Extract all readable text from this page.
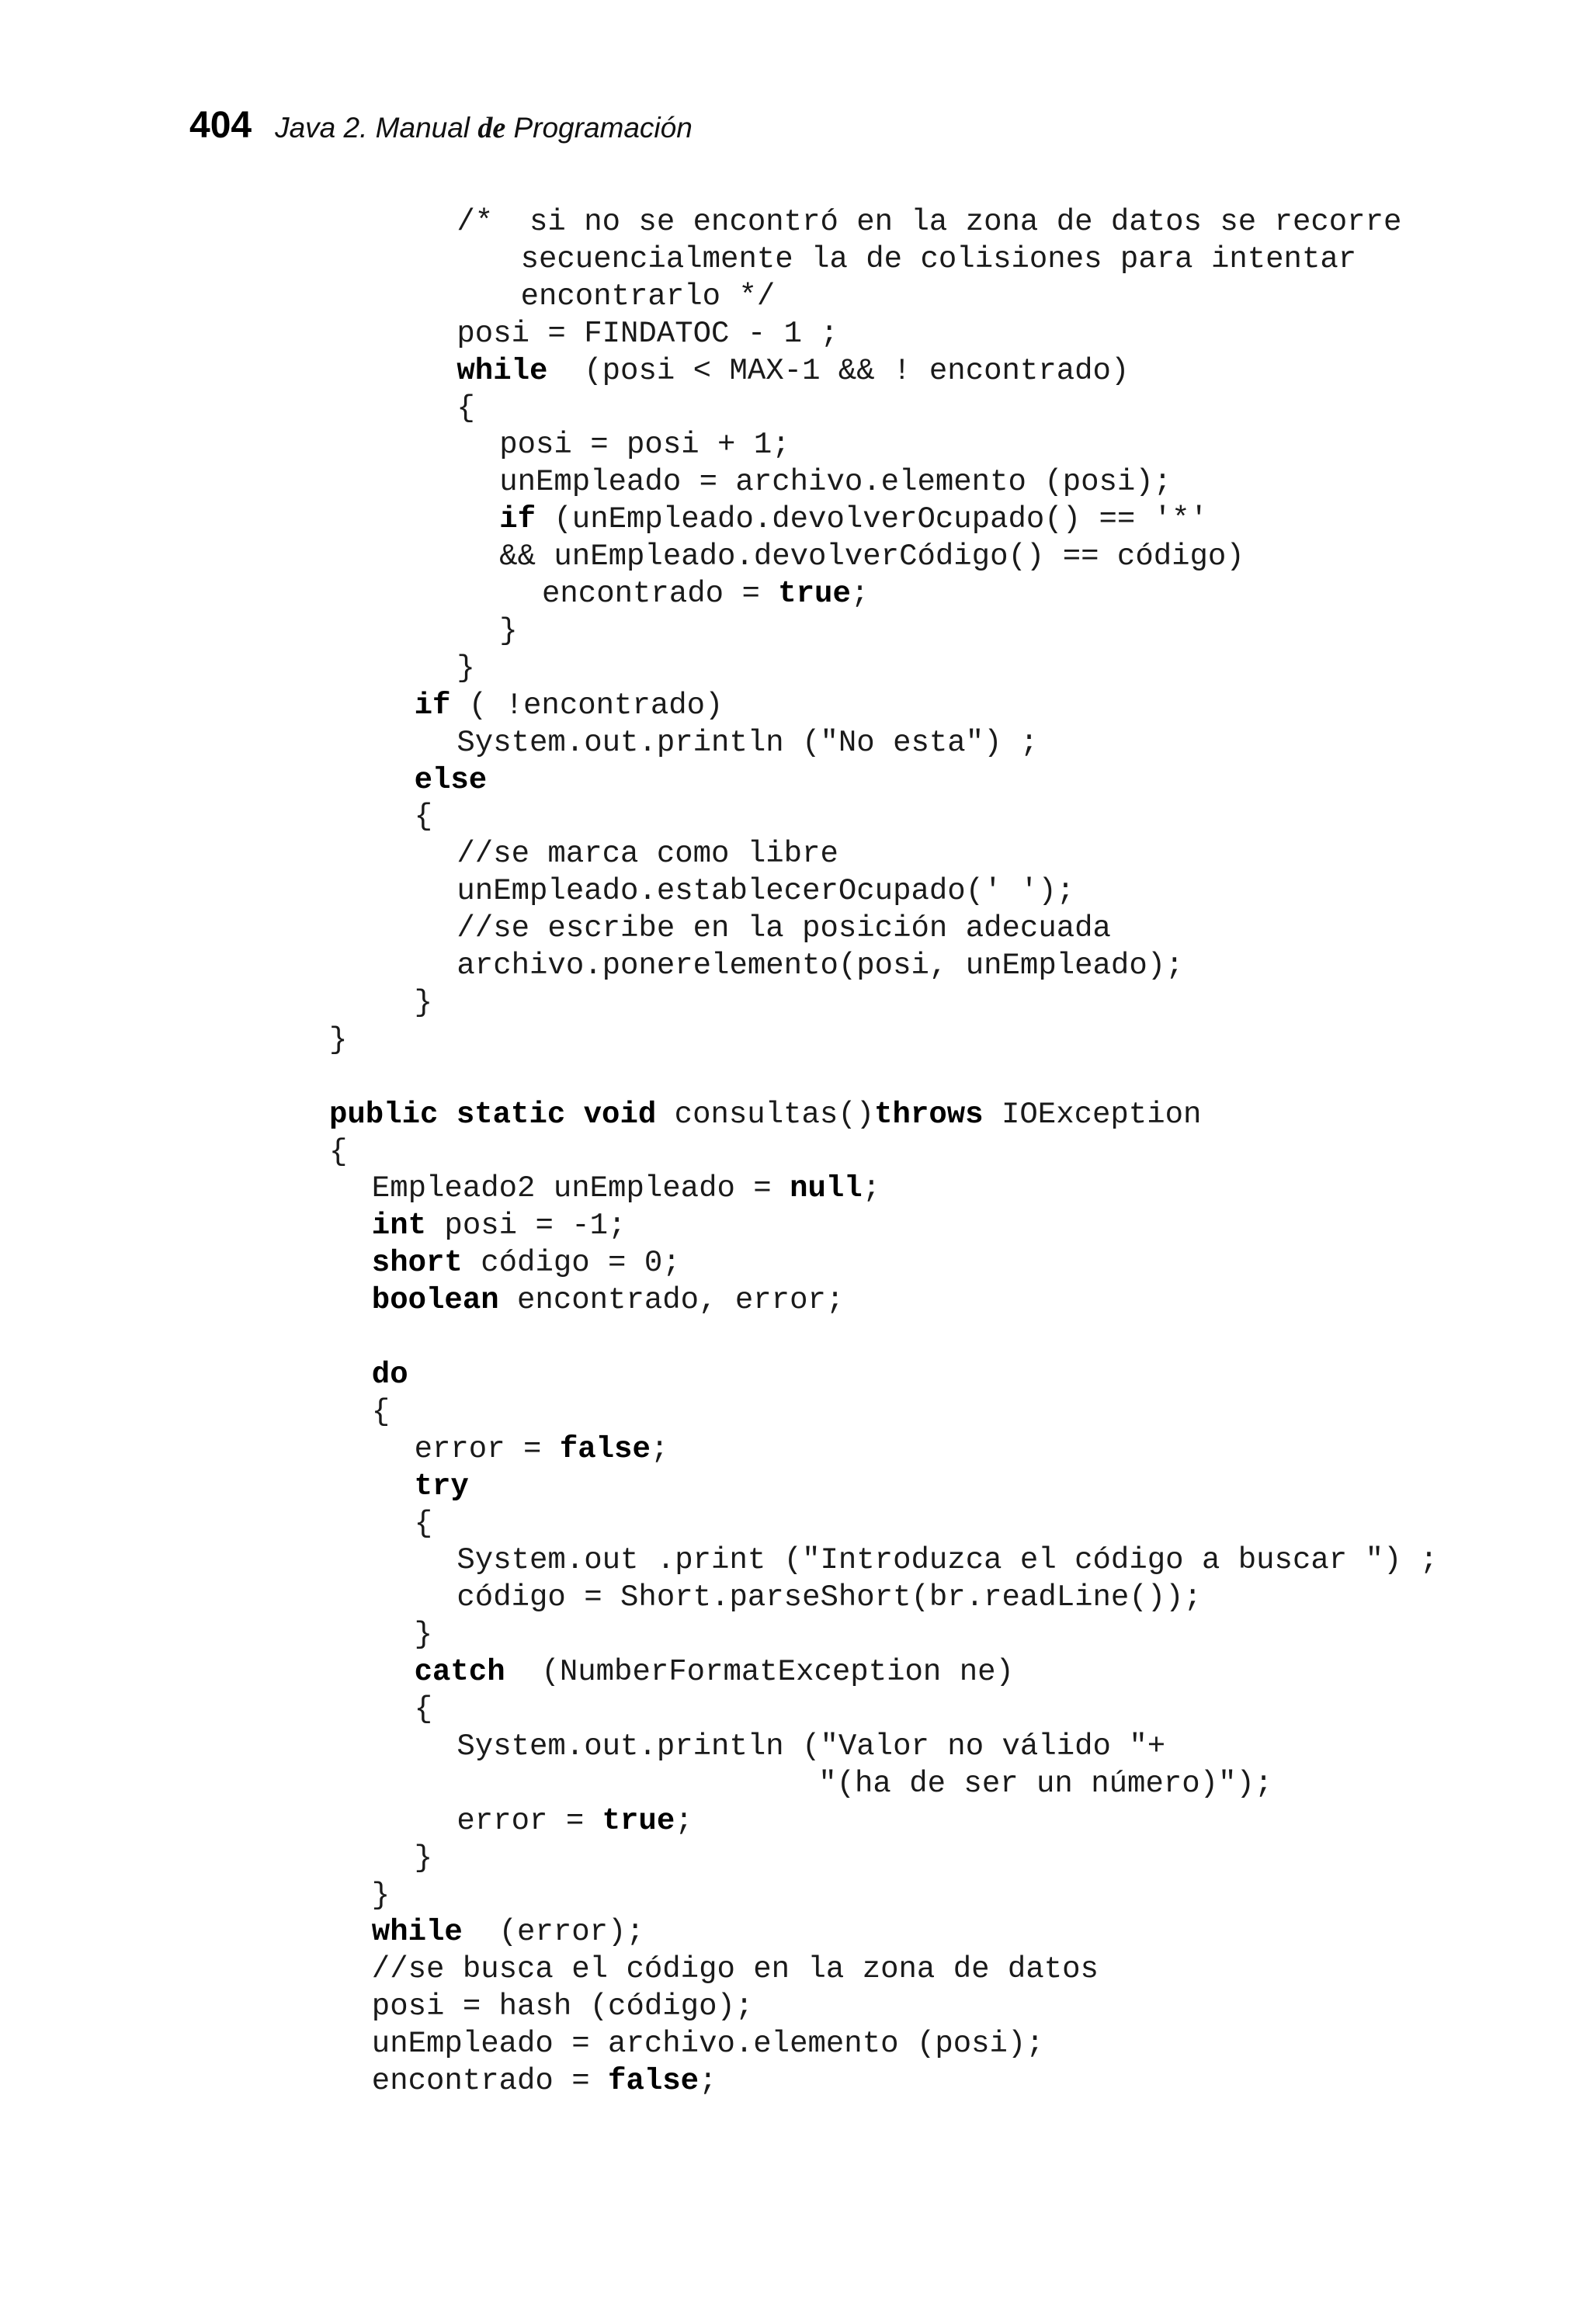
404 Java 2. Manual de Programación
/*  si no se encontró en la zona de datos se recorre
secuencialmente la de colisiones para intentar
encontrarlo */
posi = FINDATOC - 1 ;
while  (posi < MAX-1 && ! encontrado)
{
posi = posi + 1;
unEmpleado = archivo.elemento (posi);
if (unEmpleado.devolverOcupado() == '*'
&& unEmpleado.devolverCódigo() == código)
encontrado = true;
}
}
if ( !encontrado)
System.out.println ("No esta") ;
else
{
//se marca como libre
unEmpleado.establecerOcupado(' ');
//se escribe en la posición adecuada
archivo.ponerelemento(posi, unEmpleado);
}
}
public static void consultas()throws IOException
{
Empleado2 unEmpleado = null;
int posi = -1;
short código = 0;
boolean encontrado, error;
do
{
error = false;
try
{
System.out .print ("Introduzca el código a buscar ") ;
código = Short.parseShort(br.readLine());
}
catch  (NumberFormatException ne)
{
System.out.println ("Valor no válido "+
"(ha de ser un número)");
error = true;
}
}
while  (error);
//se busca el código en la zona de datos
posi = hash (código);
unEmpleado = archivo.elemento (posi);
encontrado = false;
